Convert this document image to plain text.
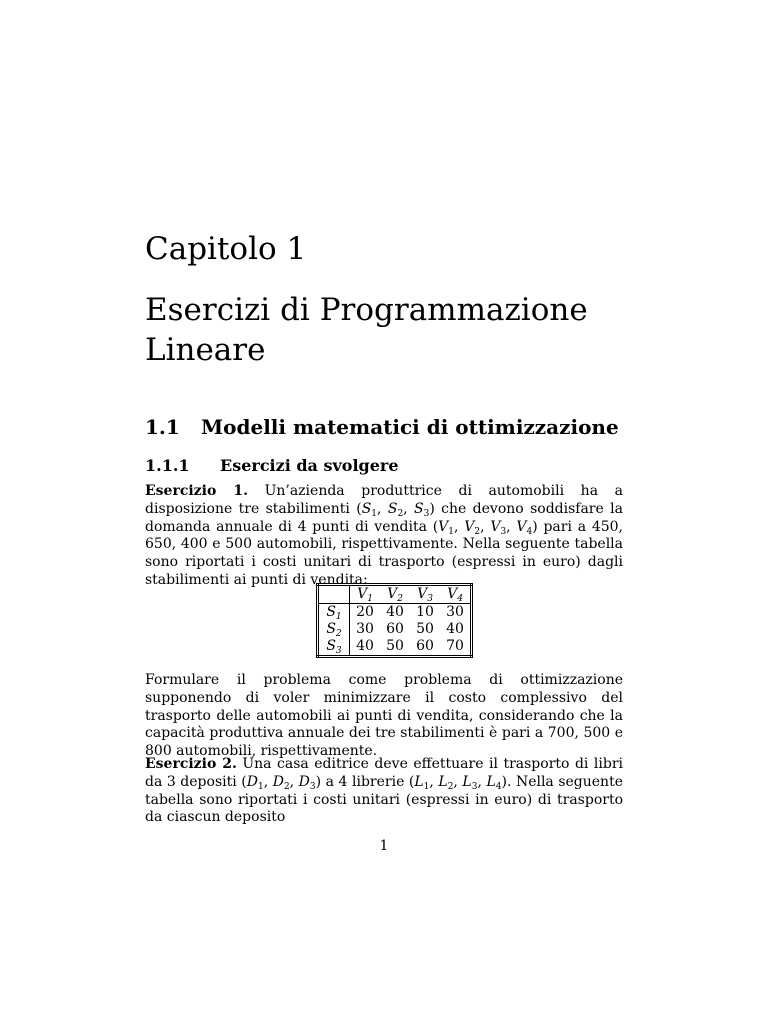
Capitolo 1
Esercizi di Programmazione
Lineare
1.1 Modelli matematici di ottimizzazione
1.1.1 Esercizi da svolgere

Esercizio 1. Un’azienda produttrice di automobili ha a disposizione tre stabilimenti ($S_1$, $S_2$, $S_3$) che devono soddisfare la domanda annuale di 4 punti di vendita ($V_1$, $V_2$, $V_3$, $V_4$) pari a 450, 650, 400 e 500 automobili, rispettivamente. Nella seguente tabella sono riportati i costi unitari di trasporto (espressi in euro) dagli stabilimenti ai punti di vendita:

	$V_1$	$V_2$	$V_3$	$V_4$
$S_1$	20	40	10	30
$S_2$	30	60	50	40
$S_3$	40	50	60	70

Formulare il problema come problema di ottimizzazione supponendo di voler minimizzare il costo complessivo del trasporto delle automobili ai punti di vendita, considerando che la capacità produttiva annuale dei tre stabilimenti è pari a 700, 500 e 800 automobili, rispettivamente.

Esercizio 2. Una casa editrice deve effettuare il trasporto di libri da 3 depositi ($D_1$, $D_2$, $D_3$) a 4 librerie ($L_1$, $L_2$, $L_3$, $L_4$). Nella seguente tabella sono riportati i costi unitari (espressi in euro) di trasporto da ciascun deposito

1
